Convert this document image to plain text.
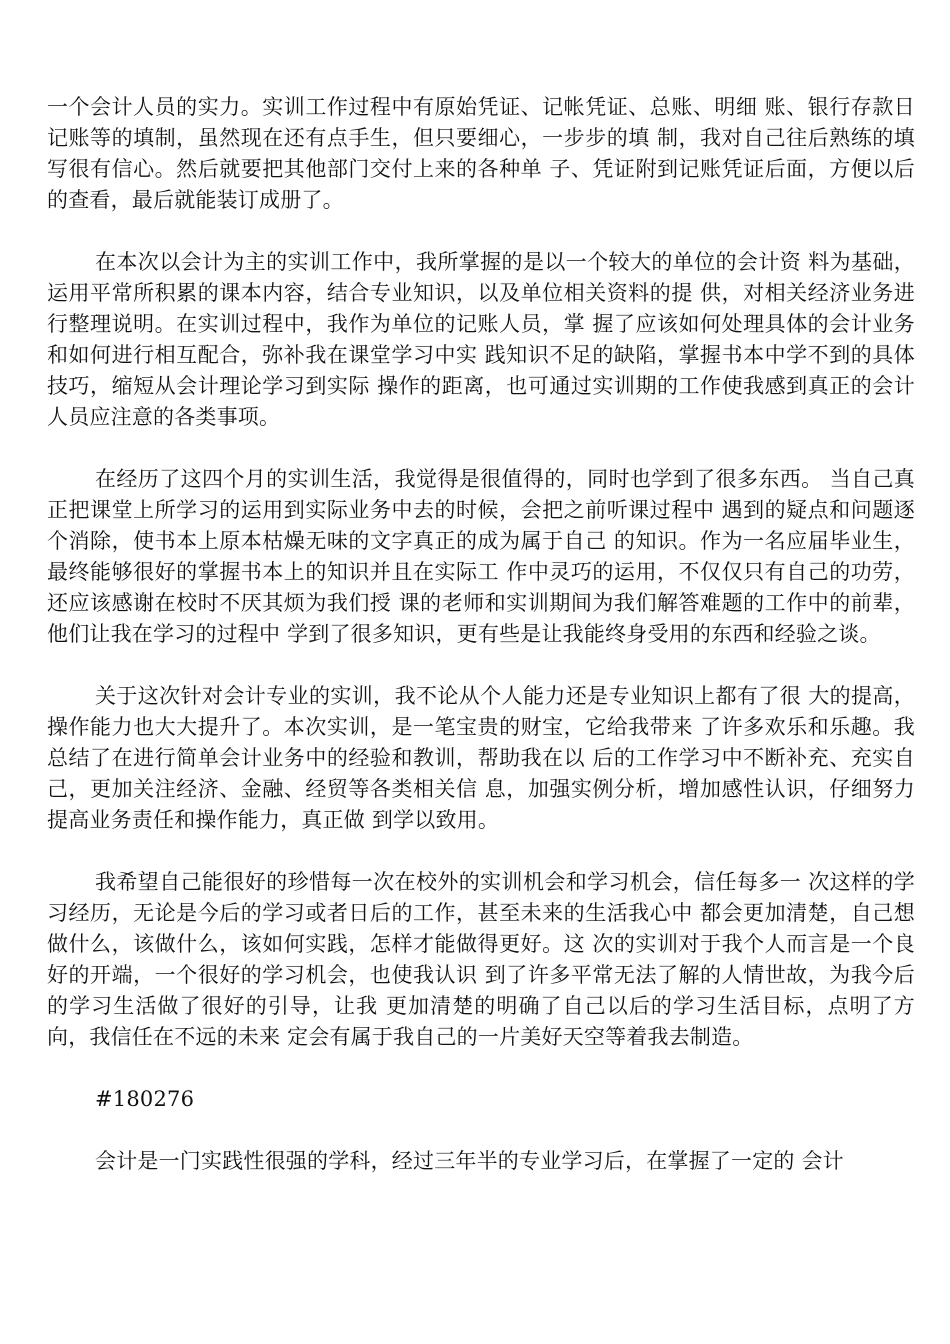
一个会计人员的实力。实训工作过程中有原始凭证、记帐凭证、总账、明细 账、银行存款日记账等的填制，虽然现在还有点手生，但只要细心，一步步的填 制，我对自己往后熟练的填写很有信心。然后就要把其他部门交付上来的各种单 子、凭证附到记账凭证后面，方便以后的查看，最后就能装订成册了。

在本次以会计为主的实训工作中，我所掌握的是以一个较大的单位的会计资 料为基础，运用平常所积累的课本内容，结合专业知识，以及单位相关资料的提 供，对相关经济业务进行整理说明。在实训过程中，我作为单位的记账人员，掌 握了应该如何处理具体的会计业务和如何进行相互配合，弥补我在课堂学习中实 践知识不足的缺陷，掌握书本中学不到的具体技巧，缩短从会计理论学习到实际 操作的距离，也可通过实训期的工作使我感到真正的会计人员应注意的各类事项。

在经历了这四个月的实训生活，我觉得是很值得的，同时也学到了很多东西。 当自己真正把课堂上所学习的运用到实际业务中去的时候，会把之前听课过程中 遇到的疑点和问题逐个消除，使书本上原本枯燥无味的文字真正的成为属于自己 的知识。作为一名应届毕业生，最终能够很好的掌握书本上的知识并且在实际工 作中灵巧的运用，不仅仅只有自己的功劳，还应该感谢在校时不厌其烦为我们授 课的老师和实训期间为我们解答难题的工作中的前辈，他们让我在学习的过程中 学到了很多知识，更有些是让我能终身受用的东西和经验之谈。

关于这次针对会计专业的实训，我不论从个人能力还是专业知识上都有了很 大的提高，操作能力也大大提升了。本次实训，是一笔宝贵的财宝，它给我带来 了许多欢乐和乐趣。我总结了在进行简单会计业务中的经验和教训，帮助我在以 后的工作学习中不断补充、充实自己，更加关注经济、金融、经贸等各类相关信 息，加强实例分析，增加感性认识，仔细努力提高业务责任和操作能力，真正做 到学以致用。

我希望自己能很好的珍惜每一次在校外的实训机会和学习机会，信任每多一 次这样的学习经历，无论是今后的学习或者日后的工作，甚至未来的生活我心中 都会更加清楚，自己想做什么，该做什么，该如何实践，怎样才能做得更好。这 次的实训对于我个人而言是一个良好的开端，一个很好的学习机会，也使我认识 到了许多平常无法了解的人情世故，为我今后的学习生活做了很好的引导，让我 更加清楚的明确了自己以后的学习生活目标，点明了方向，我信任在不远的未来 定会有属于我自己的一片美好天空等着我去制造。

#180276

会计是一门实践性很强的学科，经过三年半的专业学习后，在掌握了一定的 会计
